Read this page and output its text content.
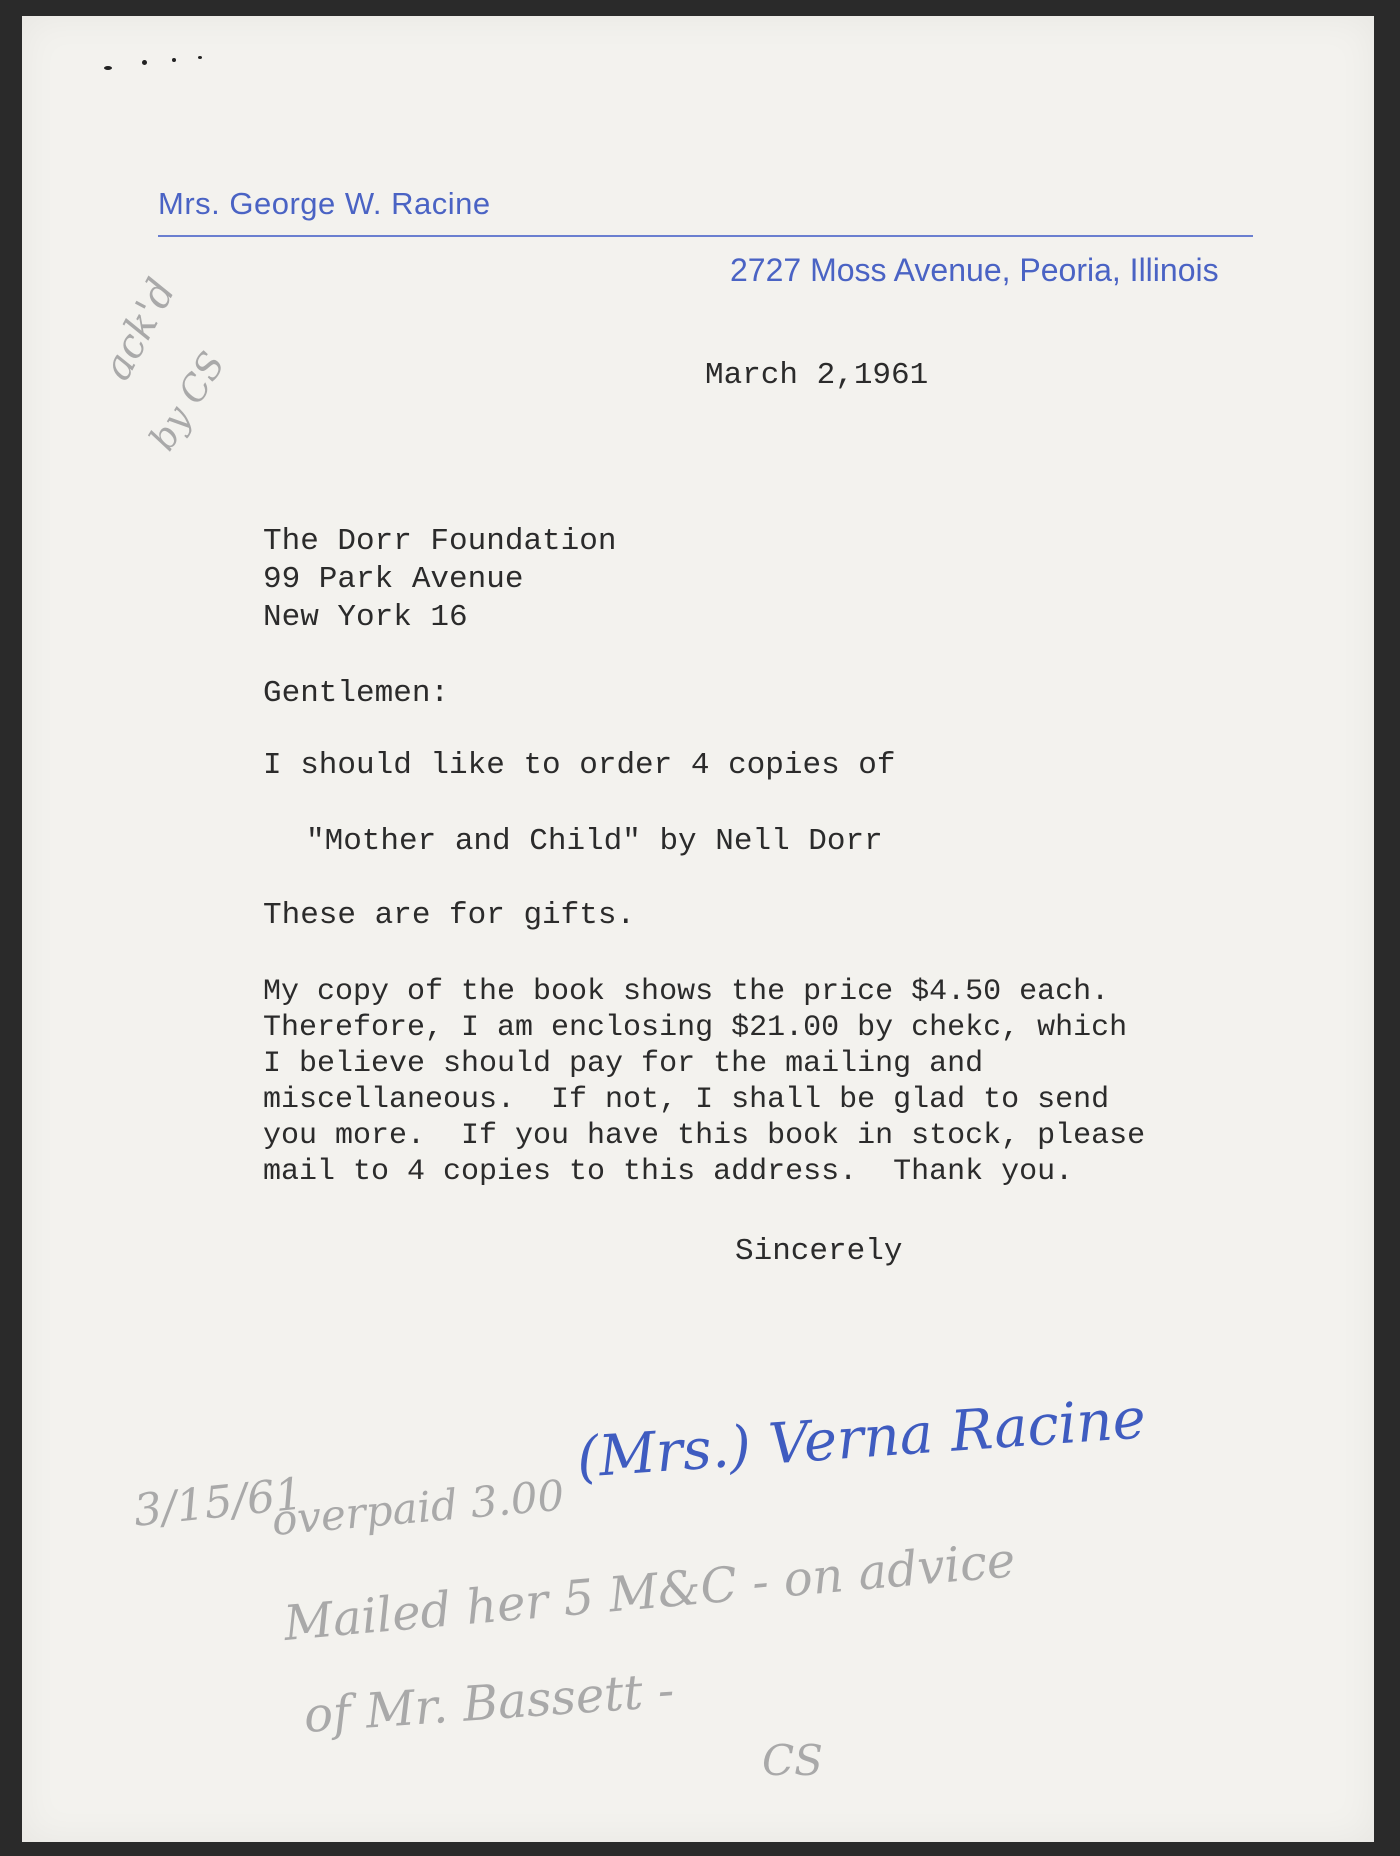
Mrs. George W. Racine
2727 Moss Avenue, Peoria, Illinois
ack'd
by CS	March 2,1961
The Dorr Foundation
99 Park Avenue
New York 16
Gentlemen:
I should like to order 4 copies of
"Mother and Child" by Nell Dorr
These are for gifts.
My copy of the book shows the price $4.50 each.
Therefore, I am enclosing $21.00 by chekc, which
I believe should pay for the mailing and
miscellaneous.  If not, I shall be glad to send
you more.  If you have this book in stock, please
mail to 4 copies to this address.  Thank you.
Sincerely
(Mrs.) Verna Racine
3/15/61
overpaid 3.00
Mailed her 5 M&C - on advice
of Mr. Bassett -
CS
